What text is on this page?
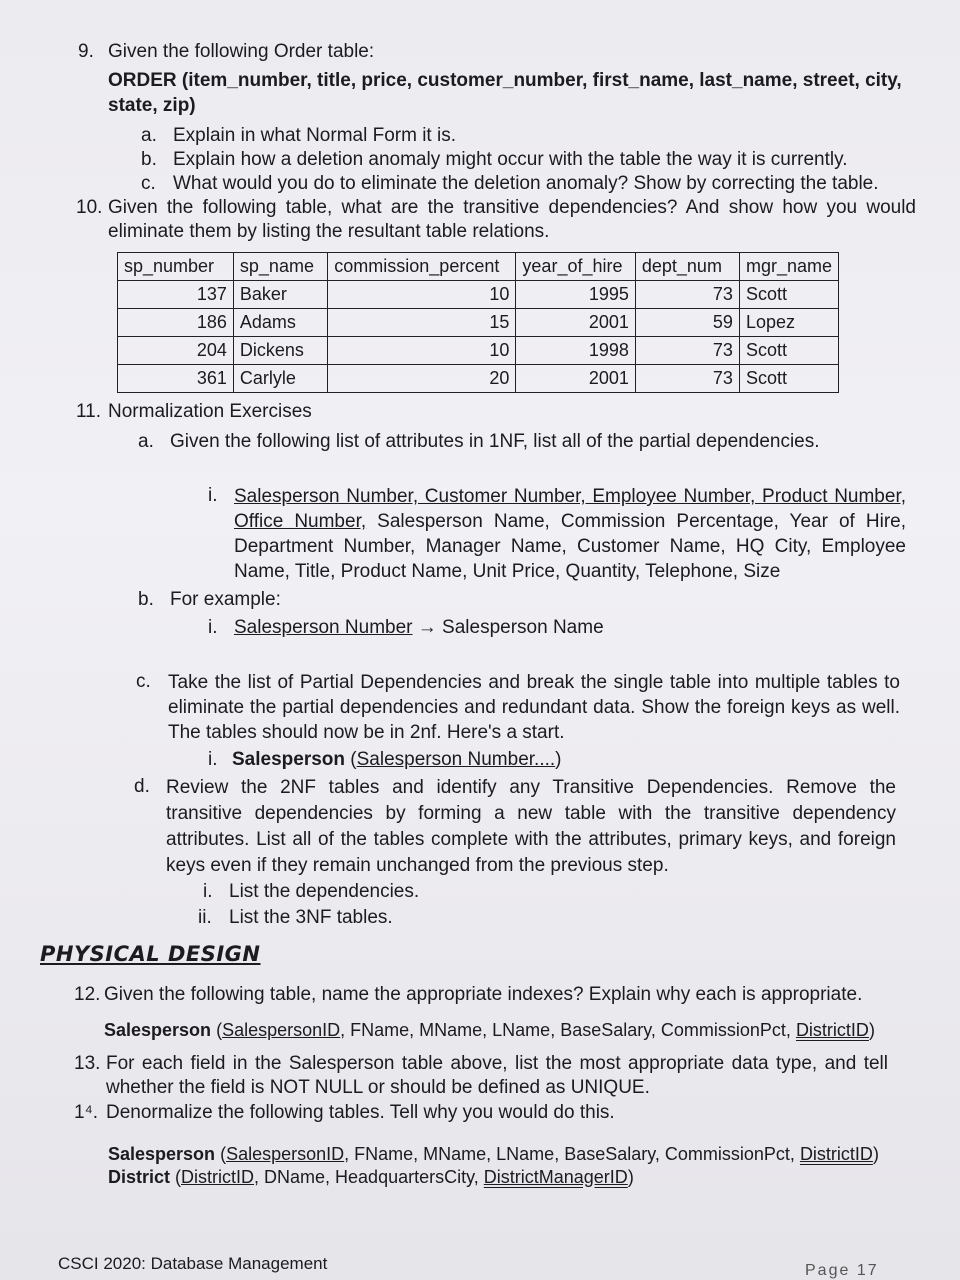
9. Given the following Order table:
ORDER (item_number, title, price, customer_number, first_name, last_name, street, city, state, zip)
a. Explain in what Normal Form it is.
b. Explain how a deletion anomaly might occur with the table the way it is currently.
c. What would you do to eliminate the deletion anomaly? Show by correcting the table.
10. Given the following table, what are the transitive dependencies? And show how you would eliminate them by listing the resultant table relations.
sp_number	sp_name	commission_percent	year_of_hire	dept_num	mgr_name
137	Baker	10	1995	73	Scott
186	Adams	15	2001	59	Lopez
204	Dickens	10	1998	73	Scott
361	Carlyle	20	2001	73	Scott
11. Normalization Exercises
a. Given the following list of attributes in 1NF, list all of the partial dependencies.
i. Salesperson Number, Customer Number, Employee Number, Product Number, Office Number, Salesperson Name, Commission Percentage, Year of Hire, Department Number, Manager Name, Customer Name, HQ City, Employee Name, Title, Product Name, Unit Price, Quantity, Telephone, Size
b. For example:
i. Salesperson Number → Salesperson Name
c. Take the list of Partial Dependencies and break the single table into multiple tables to eliminate the partial dependencies and redundant data. Show the foreign keys as well. The tables should now be in 2nf. Here's a start.
i. Salesperson (Salesperson Number....)
d. Review the 2NF tables and identify any Transitive Dependencies. Remove the transitive dependencies by forming a new table with the transitive dependency attributes. List all of the tables complete with the attributes, primary keys, and foreign keys even if they remain unchanged from the previous step.
i. List the dependencies.
ii. List the 3NF tables.
PHYSICAL DESIGN
12. Given the following table, name the appropriate indexes? Explain why each is appropriate.
Salesperson (SalespersonID, FName, MName, LName, BaseSalary, CommissionPct, DistrictID)
13. For each field in the Salesperson table above, list the most appropriate data type, and tell whether the field is NOT NULL or should be defined as UNIQUE.
1⁴. Denormalize the following tables. Tell why you would do this.
Salesperson (SalespersonID, FName, MName, LName, BaseSalary, CommissionPct, DistrictID)
District (DistrictID, DName, HeadquartersCity, DistrictManagerID)
CSCI 2020: Database Management	Page 17
